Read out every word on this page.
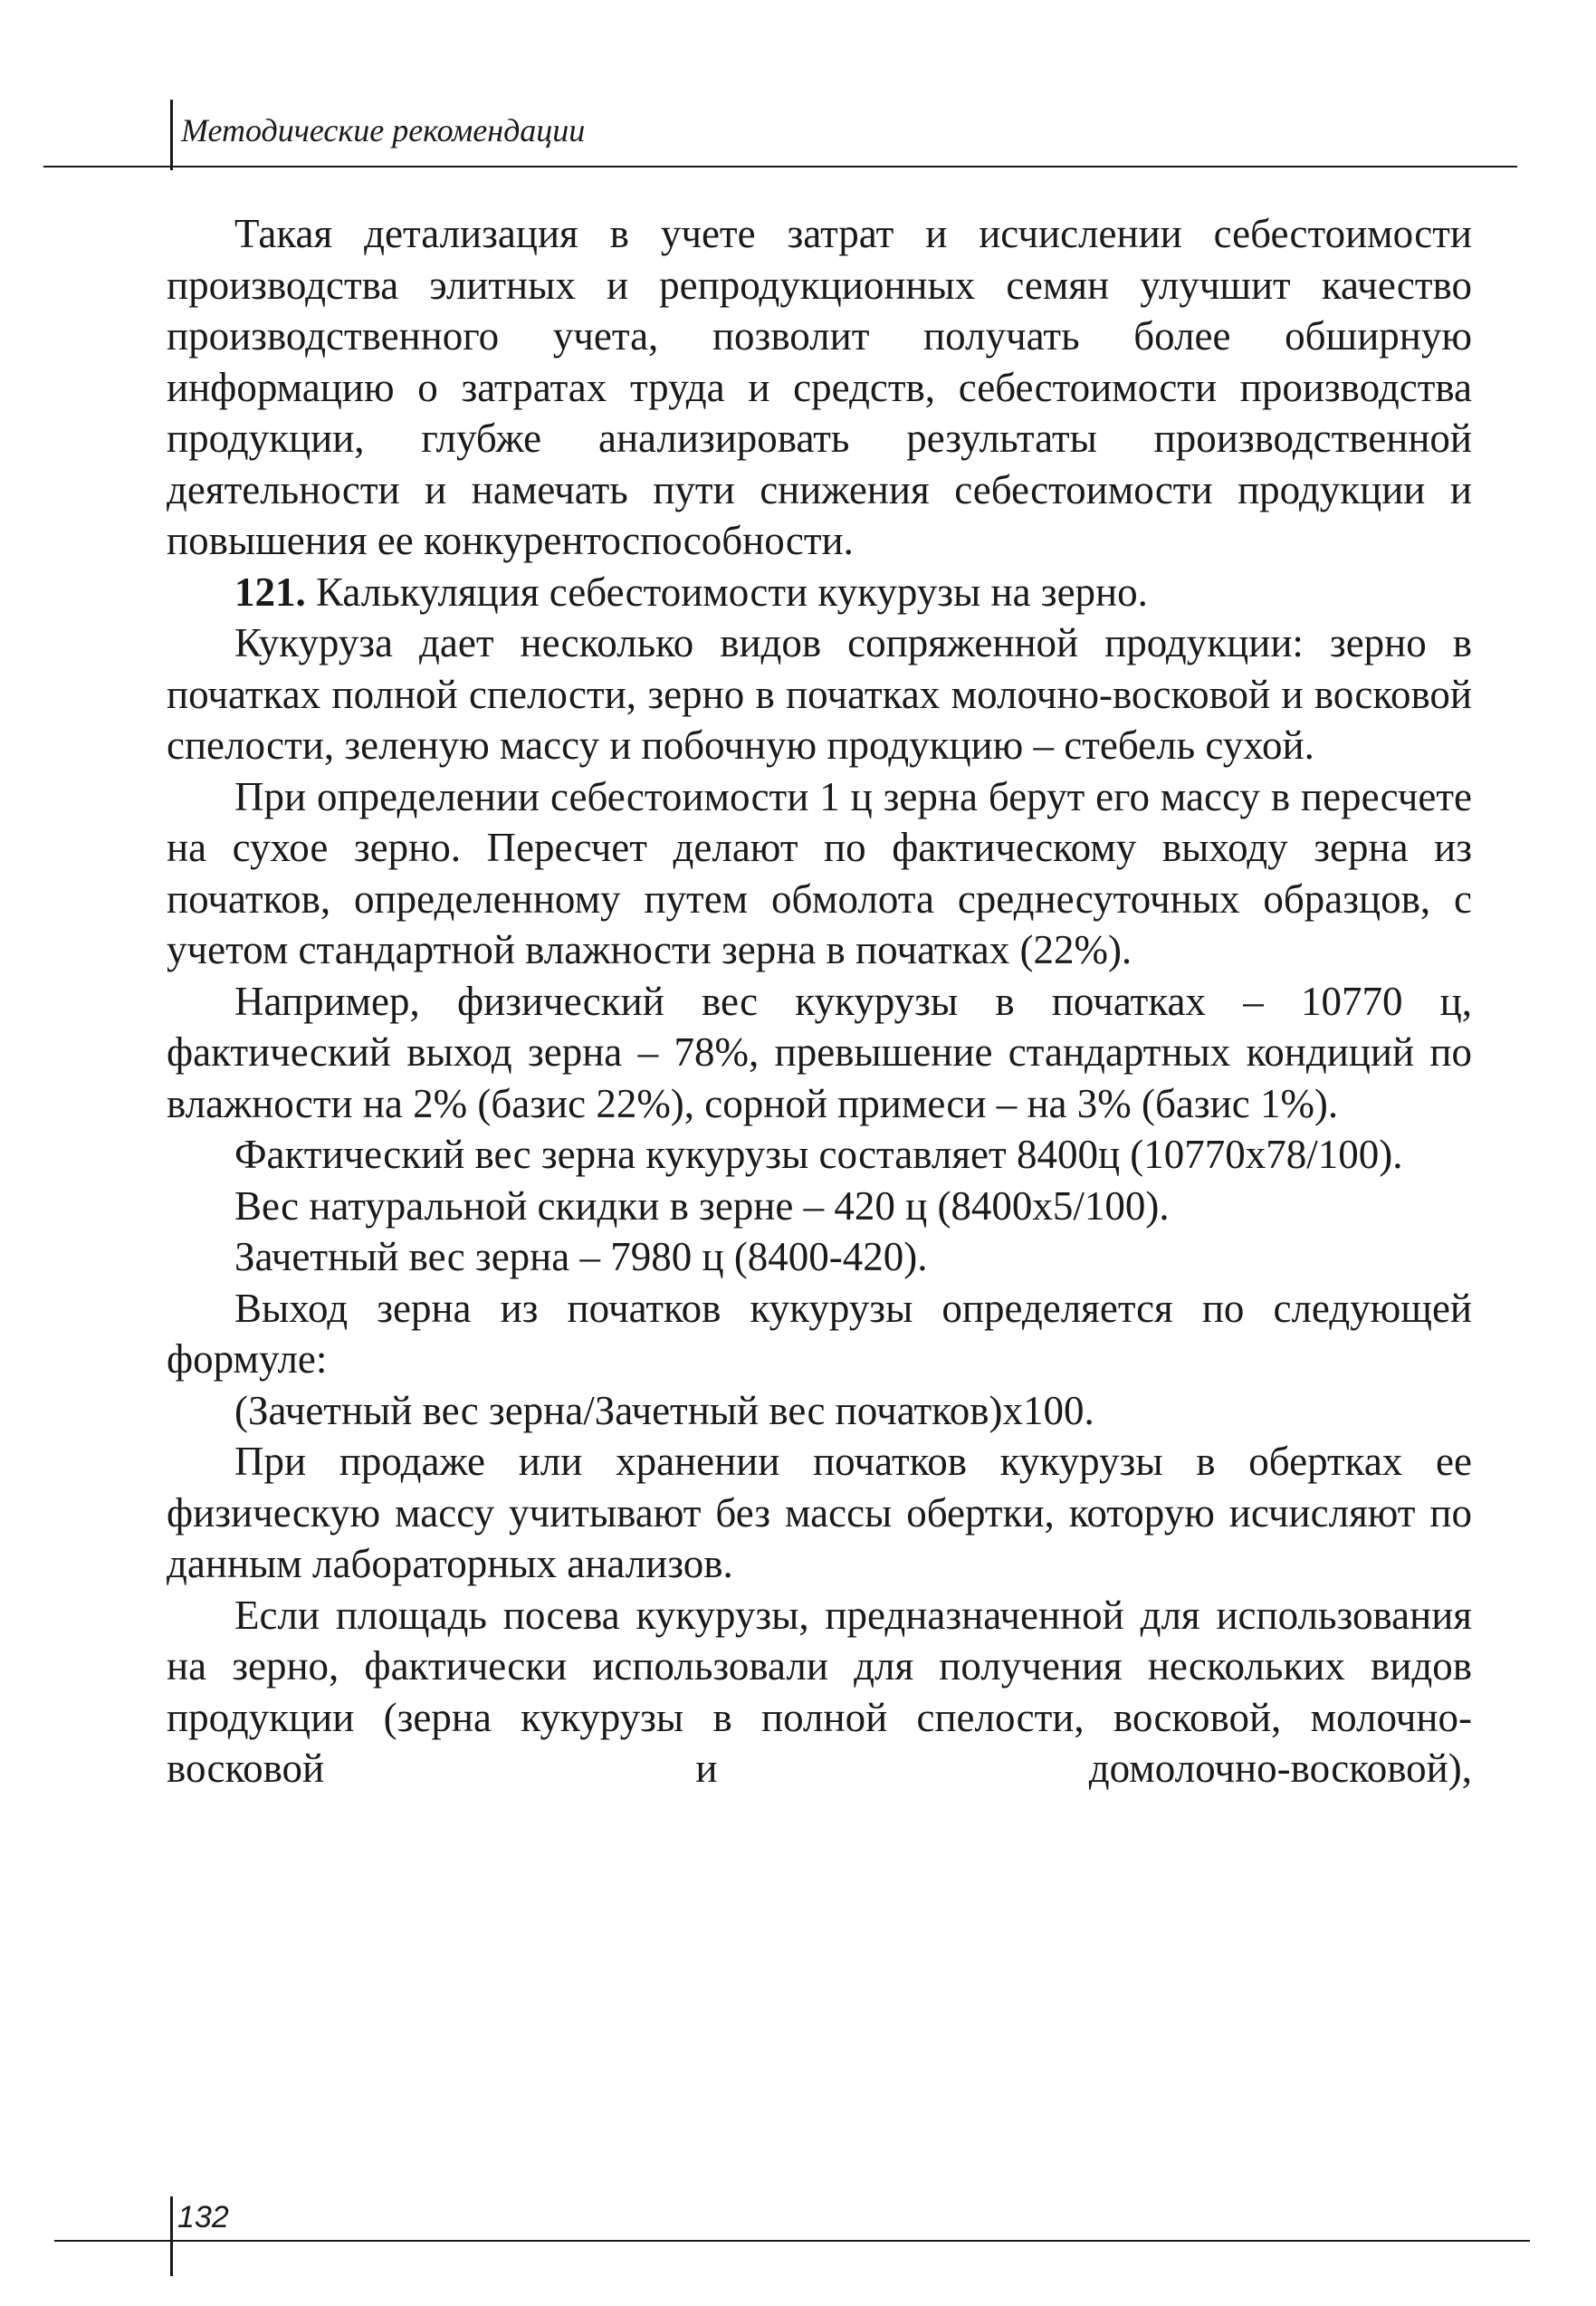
Методические рекомендации

Такая детализация в учете затрат и исчислении себестоимости производства элитных и репродукционных семян улучшит качество производственного учета, позволит получать более обширную информацию о затратах труда и средств, себестоимости производства продукции, глубже анализировать результаты производственной деятельности и намечать пути снижения себестоимости продукции и повышения ее конкурентоспособности.

121. Калькуляция себестоимости кукурузы на зерно.

Кукуруза дает несколько видов сопряженной продукции: зерно в початках полной спелости, зерно в початках молочно-восковой и восковой спелости, зеленую массу и побочную продукцию – стебель сухой.

При определении себестоимости 1 ц зерна берут его массу в пересчете на сухое зерно. Пересчет делают по фактическому выходу зерна из початков, определенному путем обмолота среднесуточных образцов, с учетом стандартной влажности зерна в початках (22%).

Например, физический вес кукурузы в початках – 10770 ц, фактический выход зерна – 78%, превышение стандартных кондиций по влажности на 2% (базис 22%), сорной примеси – на 3% (базис 1%).

Фактический вес зерна кукурузы составляет 8400ц (10770х78/100).

Вес натуральной скидки в зерне – 420 ц (8400х5/100).

Зачетный вес зерна – 7980 ц (8400-420).

Выход зерна из початков кукурузы определяется по следующей формуле:

(Зачетный вес зерна/Зачетный вес початков)х100.

При продаже или хранении початков кукурузы в обертках ее физическую массу учитывают без массы обертки, которую исчисляют по данным лабораторных анализов.

Если площадь посева кукурузы, предназначенной для использования на зерно, фактически использовали для получения нескольких видов продукции (зерна кукурузы в полной спелости, восковой, молочно-восковой и домолочно-восковой),

132
